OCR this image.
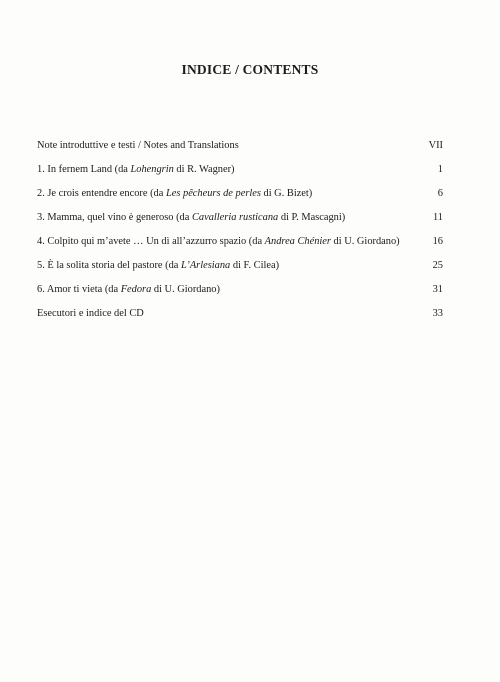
INDICE / CONTENTS
Note introduttive e testi / Notes and Translations	VII
1. In fernem Land (da Lohengrin di R. Wagner)	1
2. Je crois entendre encore (da Les pêcheurs de perles di G. Bizet)	6
3. Mamma, quel vino è generoso (da Cavalleria rusticana di P. Mascagni)	11
4. Colpito qui m’avete … Un dì all’azzurro spazio (da Andrea Chénier di U. Giordano)	16
5. È la solita storia del pastore (da L’Arlesiana di F. Cilea)	25
6. Amor ti vieta (da Fedora di U. Giordano)	31
Esecutori e indice del CD	33
